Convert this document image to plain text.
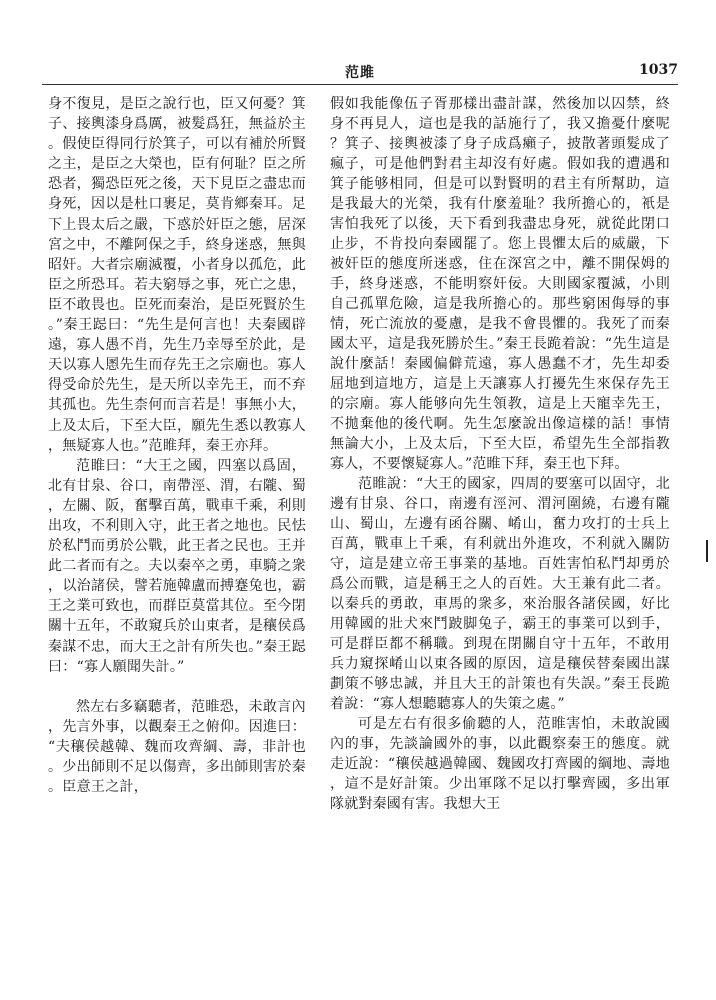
范雎	1037

身不復見，是臣之說行也，臣又何憂？箕子、接輿漆身爲厲，被髮爲狂，無益於主。假使臣得同行於箕子，可以有補於所賢之主，是臣之大榮也，臣有何耻？臣之所恐者，獨恐臣死之後，天下見臣之盡忠而身死，因以是杜口裹足，莫肯鄉秦耳。足下上畏太后之嚴，下惑於奸臣之態，居深宮之中，不離阿保之手，終身迷惑，無與昭奸。大者宗廟滅覆，小者身以孤危，此臣之所恐耳。若夫窮辱之事，死亡之患，臣不敢畏也。臣死而秦治，是臣死賢於生。”秦王跽曰：“先生是何言也！夫秦國辟遠，寡人愚不肖，先生乃幸辱至於此，是天以寡人慁先生而存先王之宗廟也。寡人得受命於先生，是天所以幸先王，而不弃其孤也。先生柰何而言若是！事無小大，上及太后，下至大臣，願先生悉以教寡人，無疑寡人也。”范睢拜，秦王亦拜。

范睢曰：“大王之國，四塞以爲固，北有甘泉、谷口，南帶涇、渭，右隴、蜀，左關、阪，奮擊百萬，戰車千乘，利則出攻，不利則入守，此王者之地也。民怯於私鬥而勇於公戰，此王者之民也。王并此二者而有之。夫以秦卒之勇，車騎之衆，以治諸侯，譬若施韓盧而搏蹇兔也，霸王之業可致也，而群臣莫當其位。至今閉關十五年，不敢窺兵於山東者，是穰侯爲秦謀不忠，而大王之計有所失也。”秦王跽曰：“寡人願聞失計。”

然左右多竊聽者，范睢恐，未敢言內，先言外事，以觀秦王之俯仰。因進曰：“夫穰侯越韓、魏而攻齊綱、壽，非計也。少出師則不足以傷齊，多出師則害於秦。臣意王之計，

假如我能像伍子胥那樣出盡計謀，然後加以囚禁，終身不再見人，這也是我的話施行了，我又擔憂什麼呢？箕子、接輿被漆了身子成爲癩子，披散著頭髮成了瘋子，可是他們對君主却沒有好處。假如我的遭遇和箕子能够相同，但是可以對賢明的君主有所幫助，這是我最大的光榮，我有什麼羞耻？我所擔心的，衹是害怕我死了以後，天下看到我盡忠身死，就從此閉口止步，不肯投向秦國罷了。您上畏懼太后的威嚴，下被奸臣的態度所迷惑，住在深宮之中，離不開保姆的手，終身迷惑，不能明察奸佞。大則國家覆滅，小則自己孤單危險，這是我所擔心的。那些窮困侮辱的事情，死亡流放的憂慮，是我不會畏懼的。我死了而秦國太平，這是我死勝於生。”秦王長跪着說：“先生這是說什麼話！秦國偏僻荒遠，寡人愚蠢不才，先生却委屈地到這地方，這是上天讓寡人打擾先生來保存先王的宗廟。寡人能够向先生領教，這是上天寵幸先王，不拋棄他的後代啊。先生怎麼說出像這樣的話！事情無論大小，上及太后，下至大臣，希望先生全部指教寡人，不要懷疑寡人。”范睢下拜，秦王也下拜。

范睢說：“大王的國家，四周的要塞可以固守，北邊有甘泉、谷口，南邊有涇河、渭河圍繞，右邊有隴山、蜀山，左邊有函谷關、崤山，奮力攻打的士兵上百萬，戰車上千乘，有利就出外進攻，不利就入關防守，這是建立帝王事業的基地。百姓害怕私鬥却勇於爲公而戰，這是稱王之人的百姓。大王兼有此二者。以秦兵的勇敢，車馬的衆多，來治服各諸侯國，好比用韓國的壯犬來鬥跛脚兔子，霸王的事業可以到手，可是群臣都不稱職。到現在閉關自守十五年，不敢用兵力窺探崤山以東各國的原因，這是穰侯替秦國出謀劃策不够忠誠，并且大王的計策也有失誤。”秦王長跪着說：“寡人想聽聽寡人的失策之處。”

可是左右有很多偷聽的人，范睢害怕，未敢說國內的事，先談論國外的事，以此觀察秦王的態度。就走近說：“穰侯越過韓國、魏國攻打齊國的綱地、壽地，這不是好計策。少出軍隊不足以打擊齊國，多出軍隊就對秦國有害。我想大王
